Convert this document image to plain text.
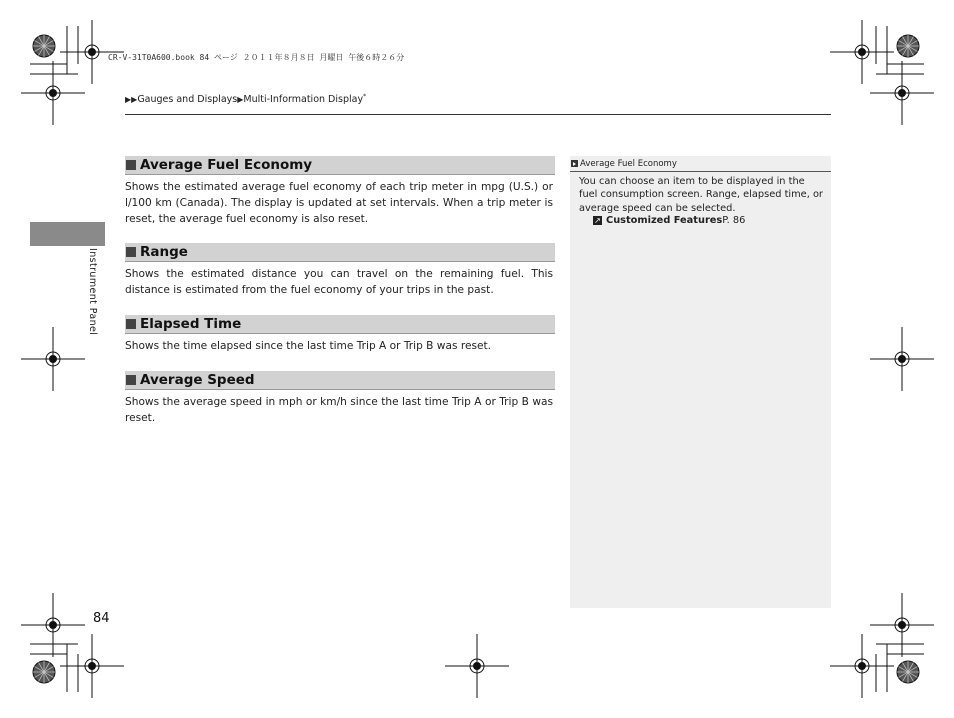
CR-V-31T0A600.book 84 ページ ２０１１年８月８日 月曜日 午後６時２６分
▶▶Gauges and Displays▶Multi-Information Display*
Instrument Panel
Average Fuel Economy
Shows the estimated average fuel economy of each trip meter in mpg (U.S.) or l/100 km (Canada). The display is updated at set intervals. When a trip meter is reset, the average fuel economy is also reset.
Range
Shows the estimated distance you can travel on the remaining fuel. This distance is estimated from the fuel economy of your trips in the past.
Elapsed Time
Shows the time elapsed since the last time Trip A or Trip B was reset.
Average Speed
Shows the average speed in mph or km/h since the last time Trip A or Trip B was reset.
Average Fuel Economy
You can choose an item to be displayed in the fuel consumption screen. Range, elapsed time, or average speed can be selected.
↗ Customized Features P. 86
84
